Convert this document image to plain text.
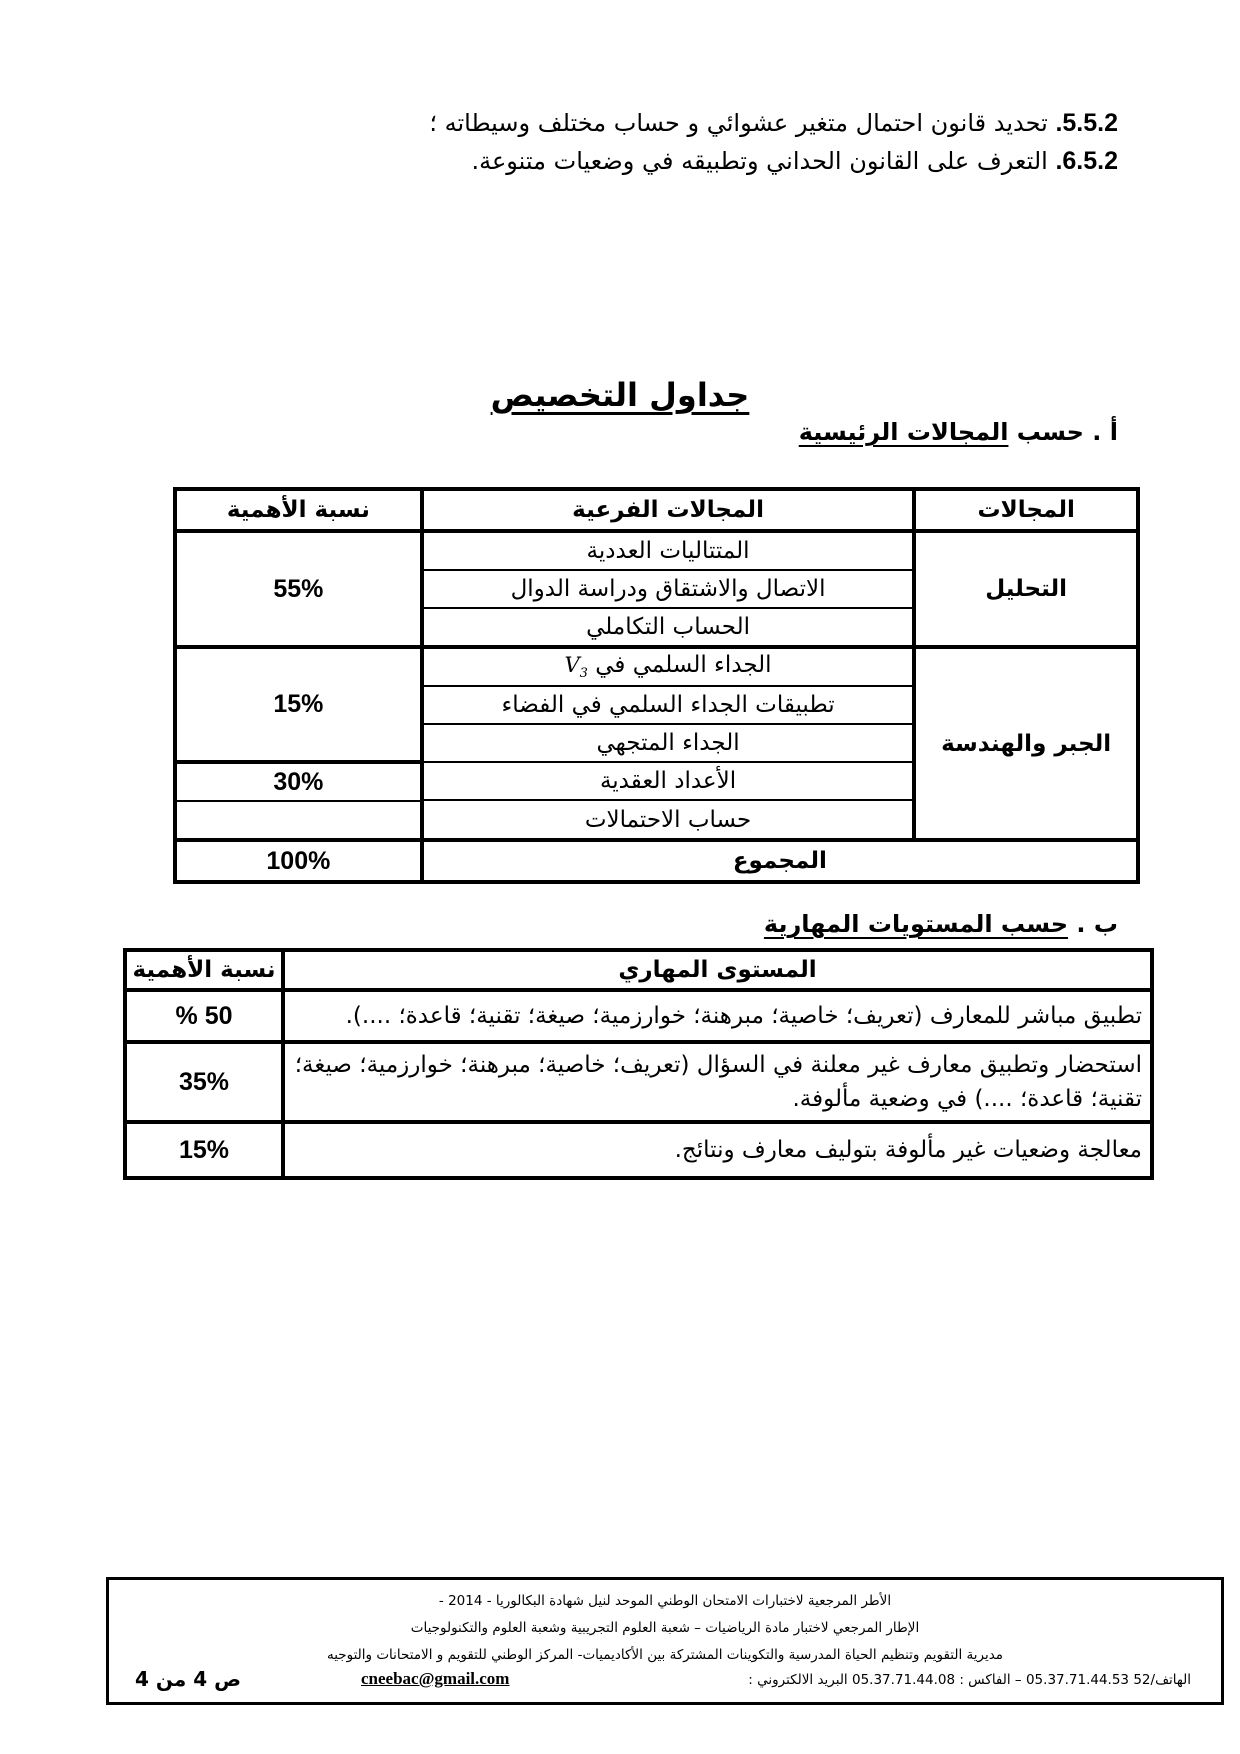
5.5.2. تحديد قانون احتمال متغير عشوائي و حساب مختلف وسيطاته ؛
6.5.2. التعرف على القانون الحداني وتطبيقه في وضعيات متنوعة.
جداول التخصيص
أ . حسب المجالات الرئيسية
المجالات	المجالات الفرعية	نسبة الأهمية
التحليل	المتتاليات العددية	55%
	الاتصال والاشتقاق ودراسة الدوال	
	الحساب التكاملي	
الجبر والهندسة	الجداء السلمي في $V_3$	15%
	تطبيقات الجداء السلمي في الفضاء	
	الجداء المتجهي	
	الأعداد العقدية	30%

	حساب الاحتمالات	
المجموع		100%
ب . حسب المستويات المهارية
المستوى المهاري	نسبة الأهمية
تطبيق مباشر للمعارف (تعريف؛ خاصية؛ مبرهنة؛ خوارزمية؛ صيغة؛ تقنية؛ قاعدة؛ ....).	50 %
استحضار وتطبيق معارف غير معلنة في السؤال (تعريف؛ خاصية؛ مبرهنة؛ خوارزمية؛ صيغة؛ تقنية؛ قاعدة؛ ....) في وضعية مألوفة.	35%
معالجة وضعيات غير مألوفة بتوليف معارف ونتائج.	15%
الأطر المرجعية لاختبارات الامتحان الوطني الموحد لنيل شهادة البكالوريا - 2014 -
الإطار المرجعي لاختبار مادة الرياضيات – شعبة العلوم التجريبية وشعبة العلوم والتكنولوجيات
مديرية التقويم وتنظيم الحياة المدرسية والتكوينات المشتركة بين الأكاديميات- المركز الوطني للتقويم و الامتحانات والتوجيه
الهاتف/52 05.37.71.44.53 – الفاكس : 05.37.71.44.08 البريد الالكتروني :
cneebac@gmail.com
ص 4 من 4
